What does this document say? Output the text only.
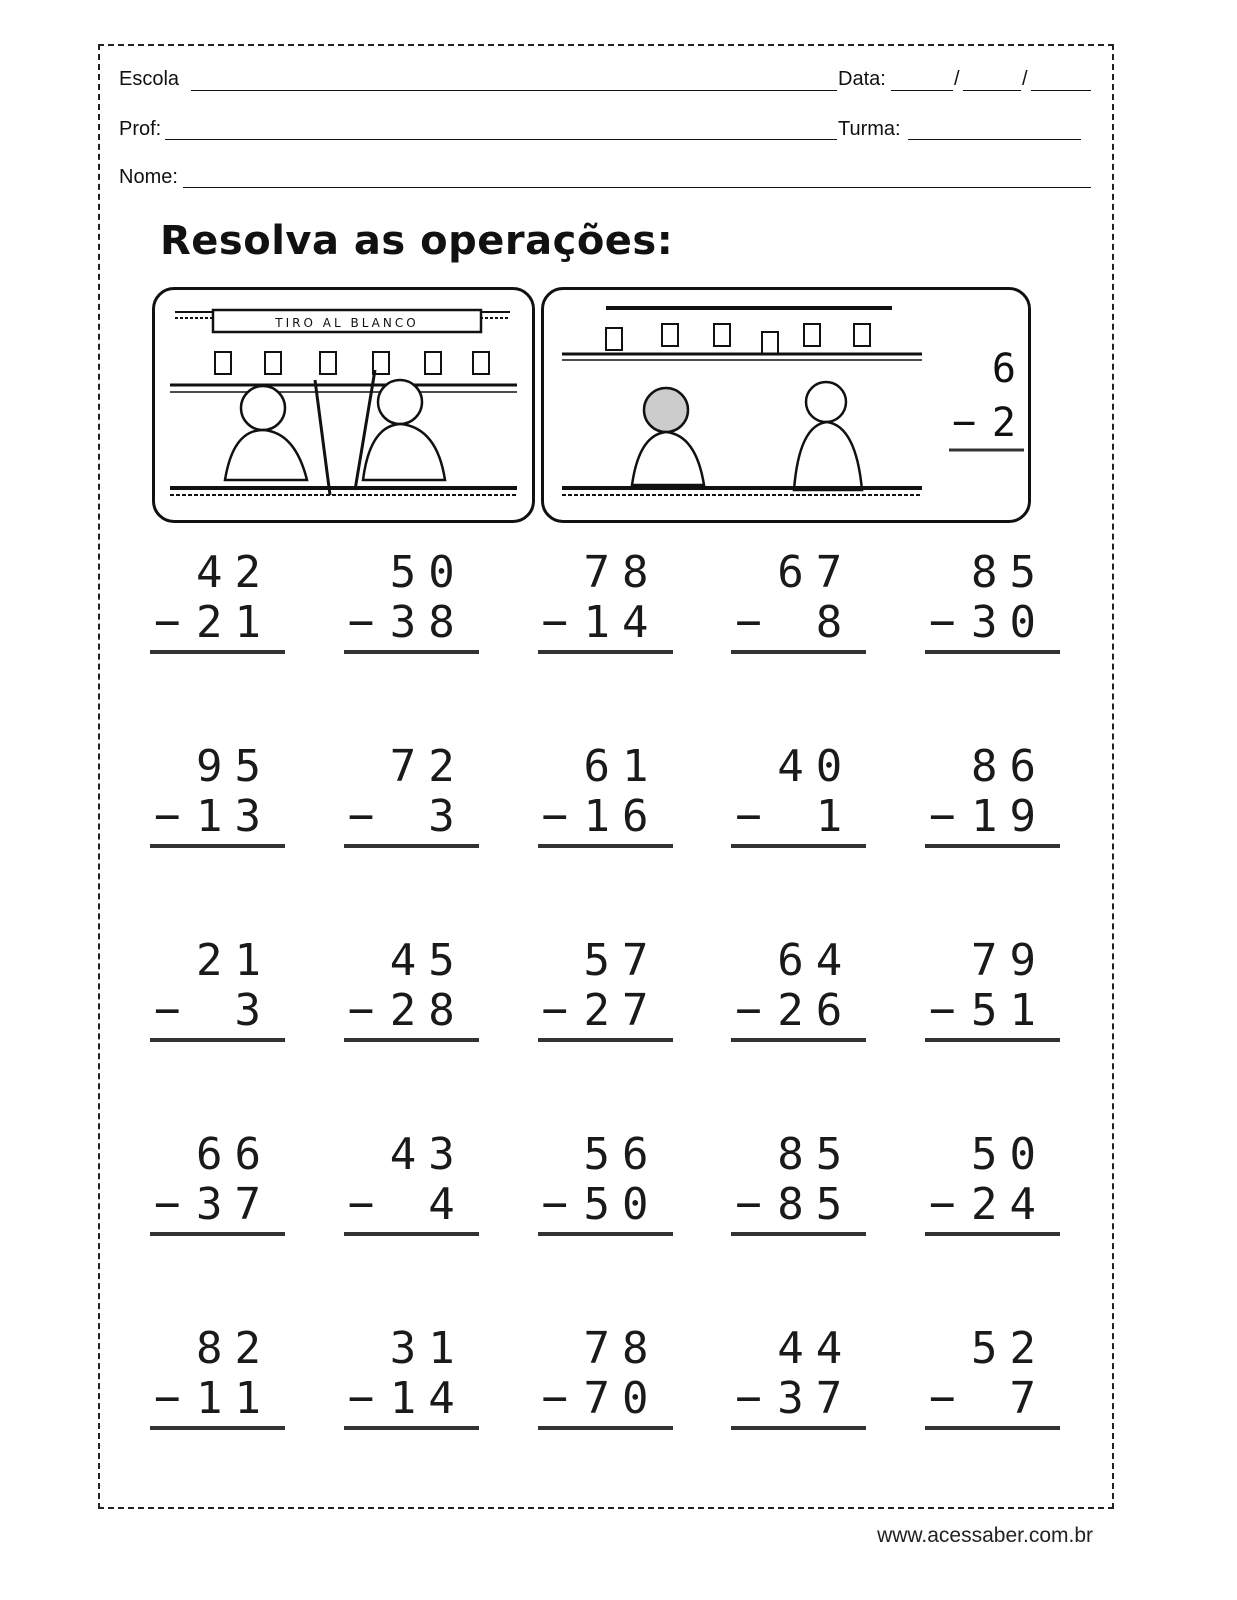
Escola	Data:	/	/
Prof:	Turma:
Nome:
Resolva as operações:
TIRO AL BLANCO
6
− 2
42
− 21
50
− 38
78
− 14
67
− 8
85
− 30
95
− 13
72
− 3
61
− 16
40
− 1
86
− 19
21
− 3
45
− 28
57
− 27
64
− 26
79
− 51
66
− 37
43
− 4
56
− 50
85
− 85
50
− 24
82
− 11
31
− 14
78
− 70
44
− 37
52
− 7
www.acessaber.com.br
